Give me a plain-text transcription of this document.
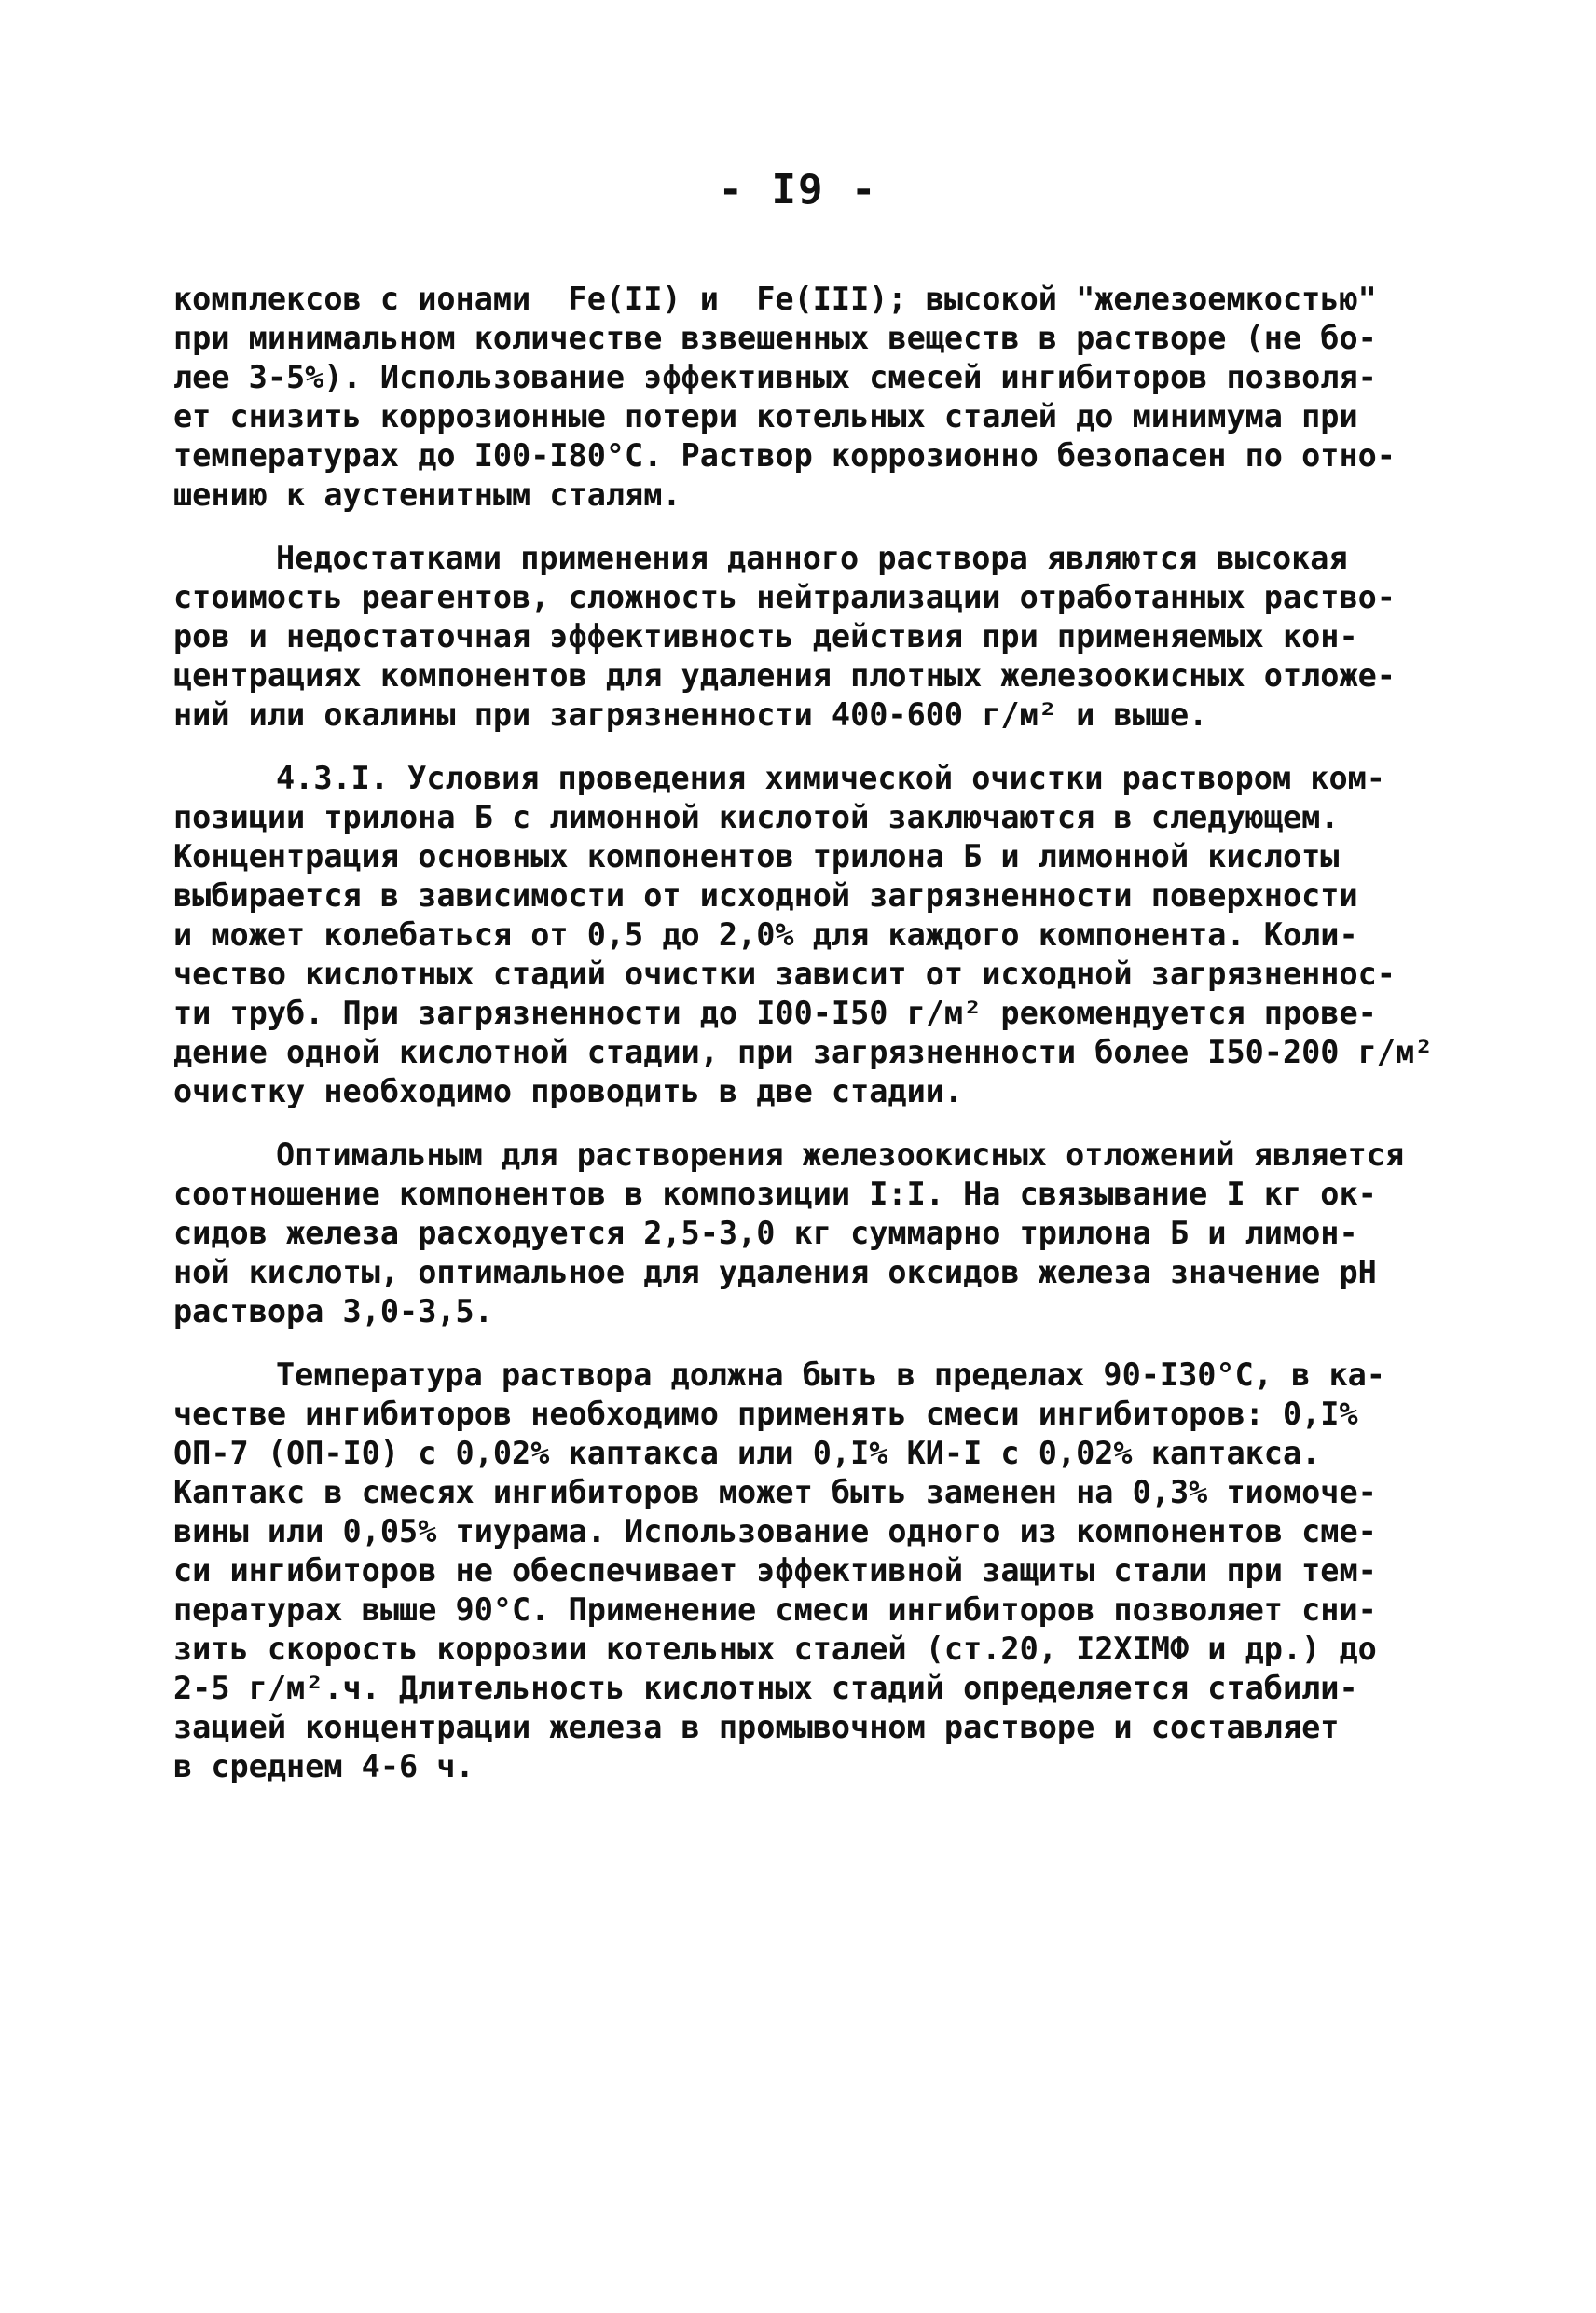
- I9 -
комплексов с ионами  Fe(II) и  Fe(III); высокой "железоемкостью"
при минимальном количестве взвешенных веществ в растворе (не бо-
лее 3-5%). Использование эффективных смесей ингибиторов позволя-
ет снизить коррозионные потери котельных сталей до минимума при
температурах до I00-I80°C. Раствор коррозионно безопасен по отно-
шению к аустенитным сталям.
Недостатками применения данного раствора являются высокая
стоимость реагентов, сложность нейтрализации отработанных раство-
ров и недостаточная эффективность действия при применяемых кон-
центрациях компонентов для удаления плотных железоокисных отложе-
ний или окалины при загрязненности 400-600 г/м² и выше.
4.3.I. Условия проведения химической очистки раствором ком-
позиции трилона Б с лимонной кислотой заключаются в следующем.
Концентрация основных компонентов трилона Б и лимонной кислоты
выбирается в зависимости от исходной загрязненности поверхности
и может колебаться от 0,5 до 2,0% для каждого компонента. Коли-
чество кислотных стадий очистки зависит от исходной загрязненнос-
ти труб. При загрязненности до I00-I50 г/м² рекомендуется прове-
дение одной кислотной стадии, при загрязненности более I50-200 г/м²
очистку необходимо проводить в две стадии.
Оптимальным для растворения железоокисных отложений является
соотношение компонентов в композиции I:I. На связывание I кг ок-
сидов железа расходуется 2,5-3,0 кг суммарно трилона Б и лимон-
ной кислоты, оптимальное для удаления оксидов железа значение pH
раствора 3,0-3,5.
Температура раствора должна быть в пределах 90-I30°C, в ка-
честве ингибиторов необходимо применять смеси ингибиторов: 0,I%
ОП-7 (ОП-I0) с 0,02% каптакса или 0,I% КИ-I с 0,02% каптакса.
Каптакс в смесях ингибиторов может быть заменен на 0,3% тиомоче-
вины или 0,05% тиурама. Использование одного из компонентов сме-
си ингибиторов не обеспечивает эффективной защиты стали при тем-
пературах выше 90°C. Применение смеси ингибиторов позволяет сни-
зить скорость коррозии котельных сталей (ст.20, I2XIМФ и др.) до
2-5 г/м².ч. Длительность кислотных стадий определяется стабили-
зацией концентрации железа в промывочном растворе и составляет
в среднем 4-6 ч.
